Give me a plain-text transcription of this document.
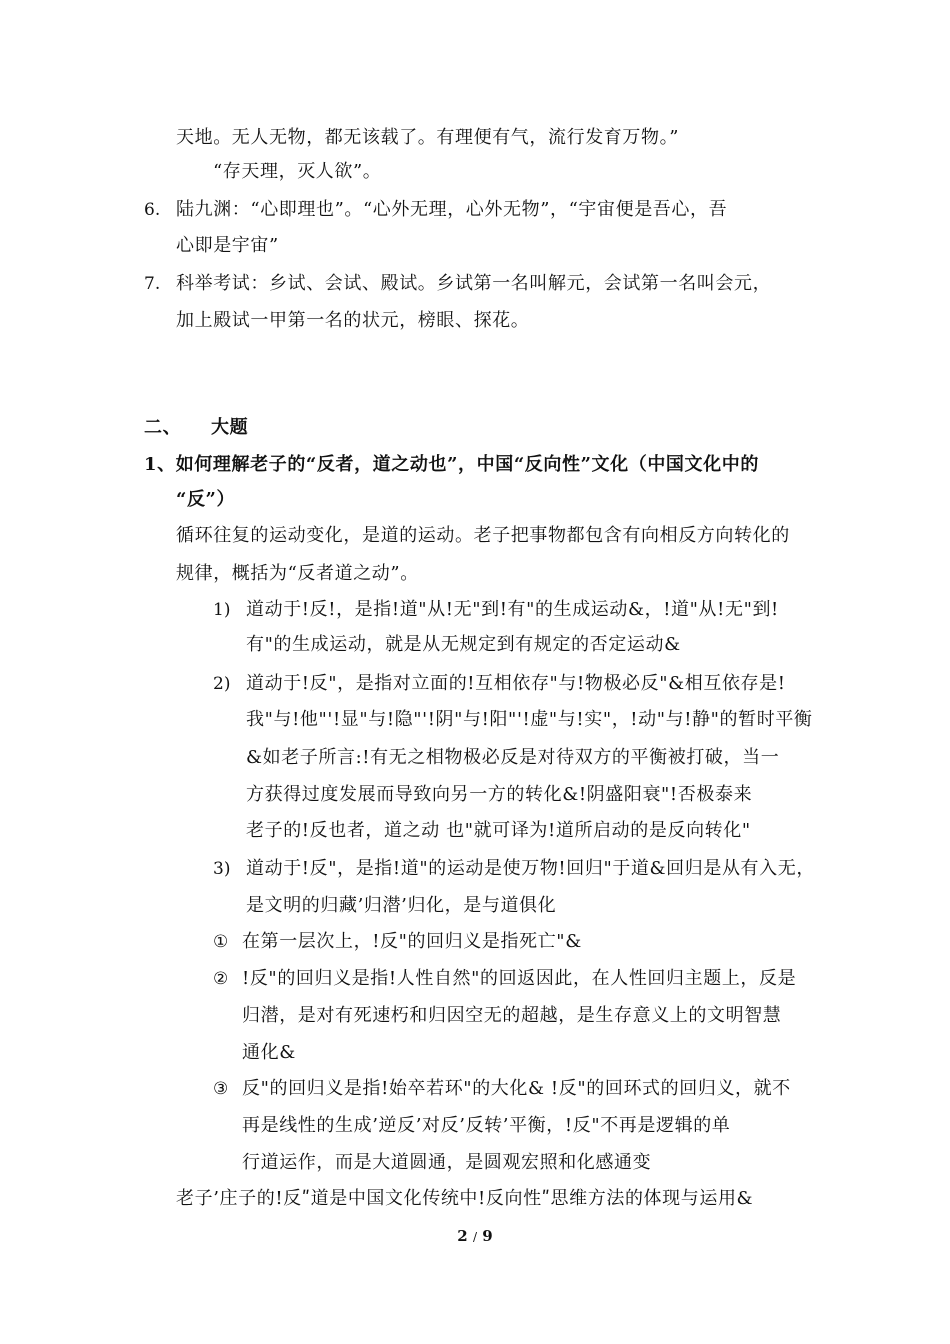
天地。无人无物，都无该载了。有理便有气，流行发育万物。”
“存天理，灭人欲”。
6. 陆九渊：“心即理也”。“心外无理，心外无物”，“宇宙便是吾心，吾
心即是宇宙”
7. 科举考试：乡试、会试、殿试。乡试第一名叫解元，会试第一名叫会元，
加上殿试一甲第一名的状元，榜眼、探花。
二、 大题
1、如何理解老子的“反者，道之动也”，中国“反向性”文化（中国文化中的
“反”）
循环往复的运动变化，是道的运动。老子把事物都包含有向相反方向转化的
规律，概括为“反者道之动”。
1) 道动于!反!，是指!道"从!无"到!有"的生成运动&，!道"从!无"到!
有"的生成运动，就是从无规定到有规定的否定运动&
2) 道动于!反"，是指对立面的!互相依存"与!物极必反"&相互依存是!
我"与!他"'!显"与!隐"'!阴"与!阳"'!虚"与!实"，!动"与!静"的暂时平衡
&如老子所言:!有无之相物极必反是对待双方的平衡被打破，当一
方获得过度发展而导致向另一方的转化&!阴盛阳衰"!否极泰来
老子的!反也者，道之动 也"就可译为!道所启动的是反向转化"
3) 道动于!反"，是指!道"的运动是使万物!回归"于道&回归是从有入无，
是文明的归藏’归潜’归化，是与道俱化
① 在第一层次上，!反"的回归义是指死亡"&
② !反"的回归义是指!人性自然"的回返因此，在人性回归主题上，反是
归潜，是对有死速朽和归因空无的超越，是生存意义上的文明智慧
通化&
③ 反"的回归义是指!始卒若环"的大化& !反"的回环式的回归义，就不
再是线性的生成’逆反’对反’反转’平衡，!反"不再是逻辑的单
行道运作，而是大道圆通，是圆观宏照和化感通变
老子’庄子的!反ʺ道是中国文化传统中!反向性ʺ思维方法的体现与运用&
2 / 9
